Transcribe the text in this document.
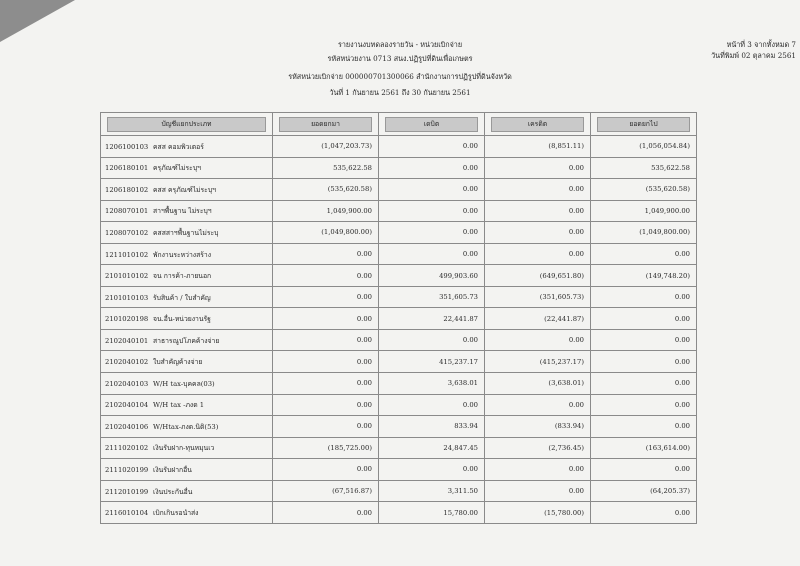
รายงานงบทดลองรายวัน - หน่วยเบิกจ่าย
รหัสหน่วยงาน 0713 สนง.ปฏิรูปที่ดินเพื่อเกษตร
รหัสหน่วยเบิกจ่าย 000000701300066 สำนักงานการปฏิรูปที่ดินจังหวัด
วันที่ 1 กันยายน 2561 ถึง 30 กันยายน 2561
หน้าที่ 3 จากทั้งหมด 7
วันที่พิมพ์ 02 ตุลาคม 2561
บัญชีแยกประเภท	ยอดยกมา	เดบิต	เครดิต	ยอดยกไป

1206100103 คสส คอมพิวเตอร์	(1,047,203.73)	0.00	(8,851.11)	(1,056,054.84)
1206180101 ครุภัณฑ์ไม่ระบุฯ	535,622.58	0.00	0.00	535,622.58
1206180102 คสส ครุภัณฑ์ไม่ระบุฯ	(535,620.58)	0.00	0.00	(535,620.58)
1208070101 สาฯพื้นฐาน ไม่ระบุฯ	1,049,900.00	0.00	0.00	1,049,900.00
1208070102 คสสสาฯพื้นฐานไม่ระบุ	(1,049,800.00)	0.00	0.00	(1,049,800.00)
1211010102 พักงานระหว่างสร้าง	0.00	0.00	0.00	0.00
2101010102 จน การค้า-ภายนอก	0.00	499,903.60	(649,651.80)	(149,748.20)
2101010103 รับสินค้า / ใบสำคัญ	0.00	351,605.73	(351,605.73)	0.00
2101020198 จน.อื่น-หน่วยงานรัฐ	0.00	22,441.87	(22,441.87)	0.00
2102040101 สาธารณูปโภคค้างจ่าย	0.00	0.00	0.00	0.00
2102040102 ใบสำคัญค้างจ่าย	0.00	415,237.17	(415,237.17)	0.00
2102040103 W/H tax-บุคคล(03)	0.00	3,638.01	(3,638.01)	0.00
2102040104 W/H tax -ภงด 1	0.00	0.00	0.00	0.00
2102040106 W/Htax-ภงด.นิติ(53)	0.00	833.94	(833.94)	0.00
2111020102 เงินรับฝาก-ทุนหมุนเว	(185,725.00)	24,847.45	(2,736.45)	(163,614.00)
2111020199 เงินรับฝากอื่น	0.00	0.00	0.00	0.00
2112010199 เงินประกันอื่น	(67,516.87)	3,311.50	0.00	(64,205.37)
2116010104 เบิกเกินรอนำส่ง	0.00	15,780.00	(15,780.00)	0.00
